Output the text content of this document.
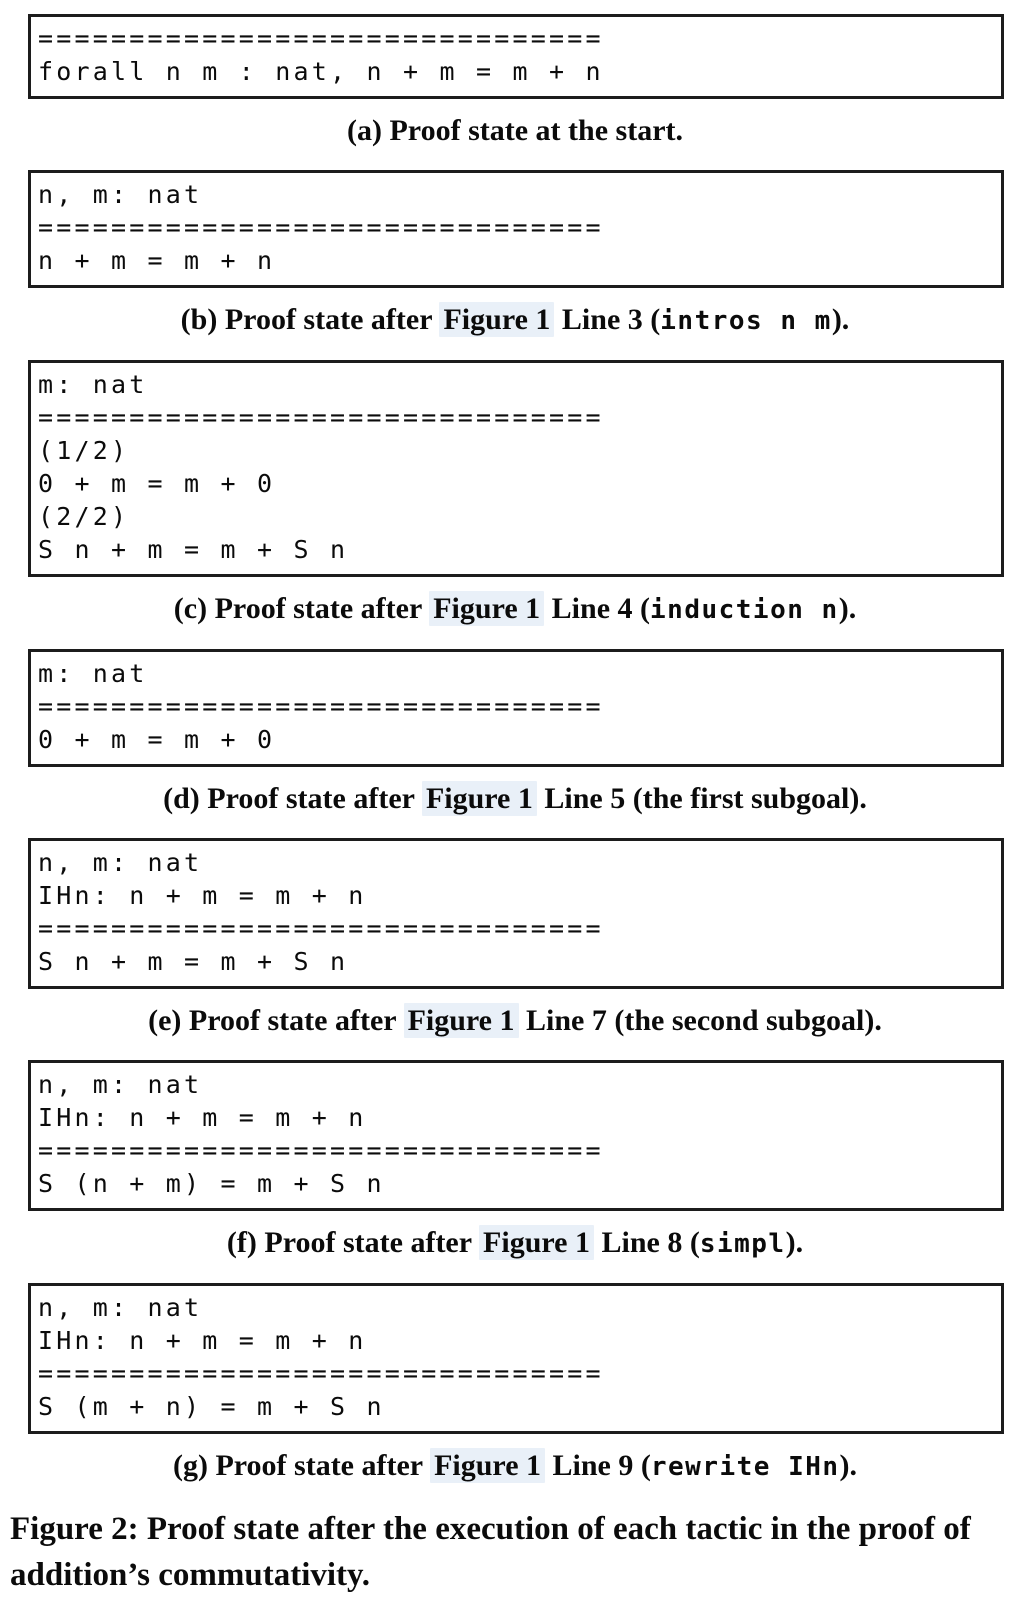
===============================
forall n m : nat, n + m = m + n
(a) Proof state at the start.
n, m: nat
===============================
n + m = m + n
(b) Proof state after Figure 1 Line 3 (intros n m).
m: nat
===============================
(1/2)
0 + m = m + 0
(2/2)
S n + m = m + S n
(c) Proof state after Figure 1 Line 4 (induction n).
m: nat
===============================
0 + m = m + 0
(d) Proof state after Figure 1 Line 5 (the first subgoal).
n, m: nat
IHn: n + m = m + n
===============================
S n + m = m + S n
(e) Proof state after Figure 1 Line 7 (the second subgoal).
n, m: nat
IHn: n + m = m + n
===============================
S (n + m) = m + S n
(f) Proof state after Figure 1 Line 8 (simpl).
n, m: nat
IHn: n + m = m + n
===============================
S (m + n) = m + S n
(g) Proof state after Figure 1 Line 9 (rewrite IHn).
Figure 2: Proof state after the execution of each tactic in the proof of addition’s commutativity.
